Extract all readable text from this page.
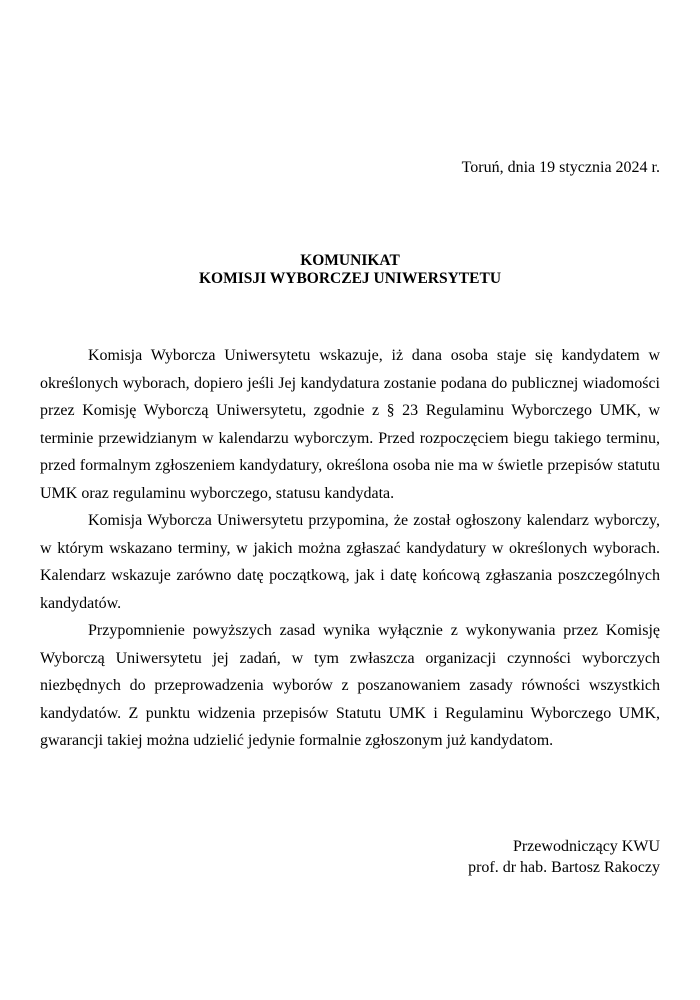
Toruń, dnia 19 stycznia 2024 r.
KOMUNIKAT
KOMISJI WYBORCZEJ UNIWERSYTETU

Komisja Wyborcza Uniwersytetu wskazuje, iż dana osoba staje się kandydatem w określonych wyborach, dopiero jeśli Jej kandydatura zostanie podana do publicznej wiadomości przez Komisję Wyborczą Uniwersytetu, zgodnie z § 23 Regulaminu Wyborczego UMK, w terminie przewidzianym w kalendarzu wyborczym. Przed rozpoczęciem biegu takiego terminu, przed formalnym zgłoszeniem kandydatury, określona osoba nie ma w świetle przepisów statutu UMK oraz regulaminu wyborczego, statusu kandydata.

Komisja Wyborcza Uniwersytetu przypomina, że został ogłoszony kalendarz wyborczy, w którym wskazano terminy, w jakich można zgłaszać kandydatury w określonych wyborach. Kalendarz wskazuje zarówno datę początkową, jak i datę końcową zgłaszania poszczególnych kandydatów.

Przypomnienie powyższych zasad wynika wyłącznie z wykonywania przez Komisję Wyborczą Uniwersytetu jej zadań, w tym zwłaszcza organizacji czynności wyborczych niezbędnych do przeprowadzenia wyborów z poszanowaniem zasady równości wszystkich kandydatów. Z punktu widzenia przepisów Statutu UMK i Regulaminu Wyborczego UMK, gwarancji takiej można udzielić jedynie formalnie zgłoszonym już kandydatom.

Przewodniczący KWU
prof. dr hab. Bartosz Rakoczy
